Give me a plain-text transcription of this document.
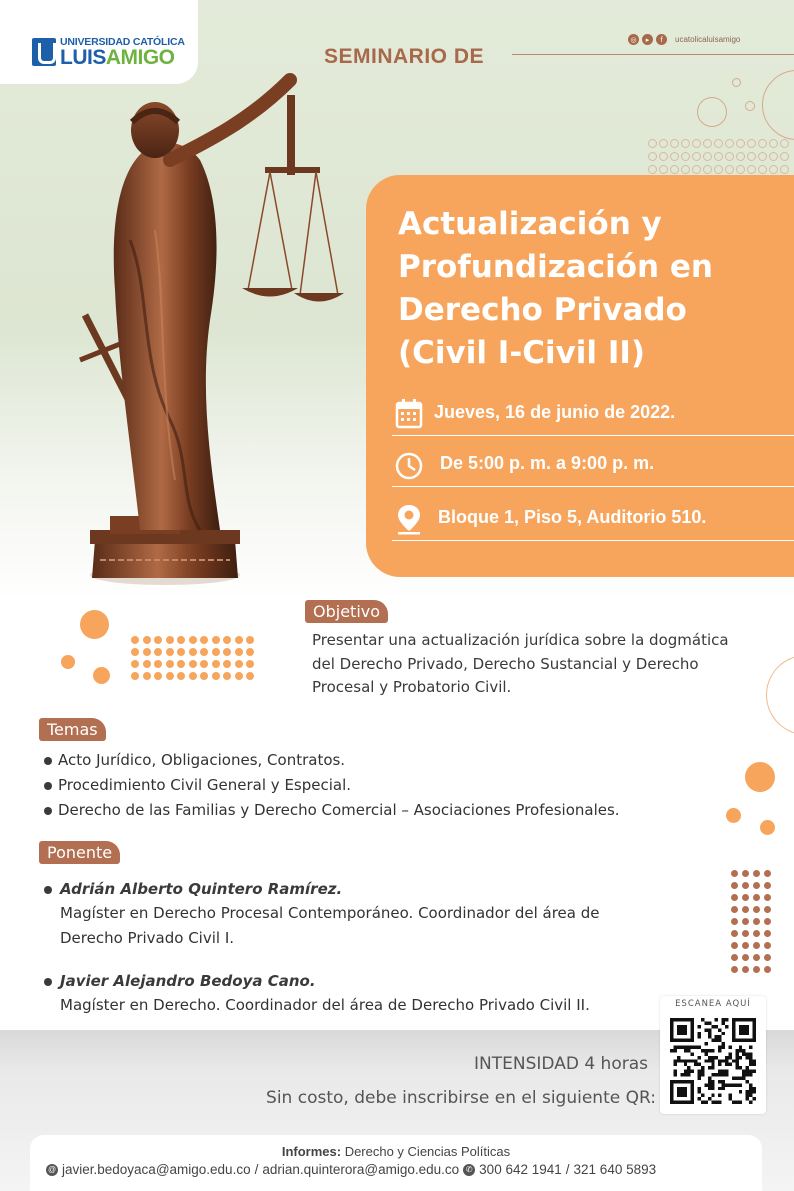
UNIVERSIDAD CATÓLICA
LUISAMIGO	SEMINARIO DE
◎	▸	f	ucatolicaluisamigo
Actualización y
Profundización en
Derecho Privado
(Civil I-Civil II)
Jueves, 16 de junio de 2022.
De 5:00 p. m. a 9:00 p. m.
Bloque 1, Piso 5, Auditorio 510.
Objetivo
Presentar una actualización jurídica sobre la dogmática
del Derecho Privado, Derecho Sustancial y Derecho
Procesal y Probatorio Civil.
Temas
Acto Jurídico, Obligaciones, Contratos.
Procedimiento Civil General y Especial.
Derecho de las Familias y Derecho Comercial – Asociaciones Profesionales.
Ponente
Adrián Alberto Quintero Ramírez.
Magíster en Derecho Procesal Contemporáneo. Coordinador del área de
Derecho Privado Civil I.
Javier Alejandro Bedoya Cano.
Magíster en Derecho. Coordinador del área de Derecho Privado Civil II.
INTENSIDAD 4 horas
Sin costo, debe inscribirse en el siguiente QR:
ESCANEA AQUÍ
Informes: Derecho y Ciencias Políticas
@ javier.bedoyaca@amigo.edu.co / adrian.quinterora@amigo.edu.co ✆ 300 642 1941 / 321 640 5893
